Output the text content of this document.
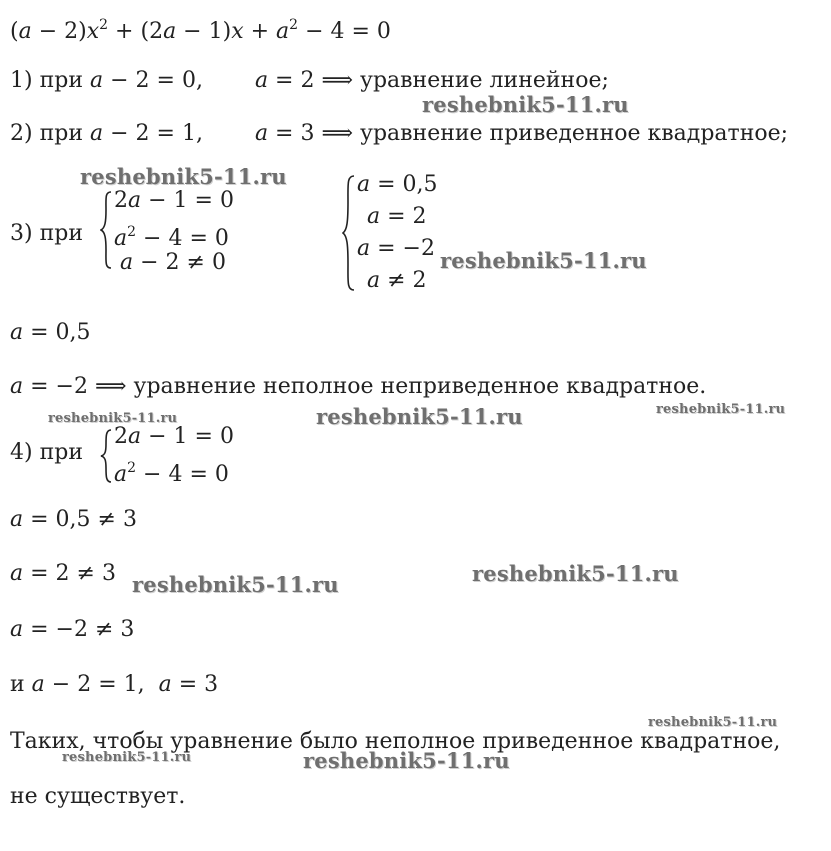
$(a - 2)x^2 + (2a - 1)x + a^2 - 4 = 0$
1) при a − 2 = 0, a = 2 ⟹ уравнение линейное;
2) при a − 2 = 1, a = 3 ⟹ уравнение приведенное квадратное;
3) при
2a − 1 = 0
$a^2 - 4 = 0$
a − 2 ≠ 0
a = 0,5
a = 2
a = −2
a ≠ 2
a = 0,5
a = −2 ⟹ уравнение неполное неприведенное квадратное.
4) при
2a − 1 = 0
$a^2 - 4 = 0$
a = 0,5 ≠ 3
a = 2 ≠ 3
a = −2 ≠ 3
и a − 2 = 1, a = 3
Таких, чтобы уравнение было неполное приведенное квадратное,
не существует.
reshebnik5-11.ru
reshebnik5-11.ru
reshebnik5-11.ru
reshebnik5-11.ru	reshebnik5-11.ru	reshebnik5-11.ru
reshebnik5-11.ru	reshebnik5-11.ru
reshebnik5-11.ru
reshebnik5-11.ru	reshebnik5-11.ru
